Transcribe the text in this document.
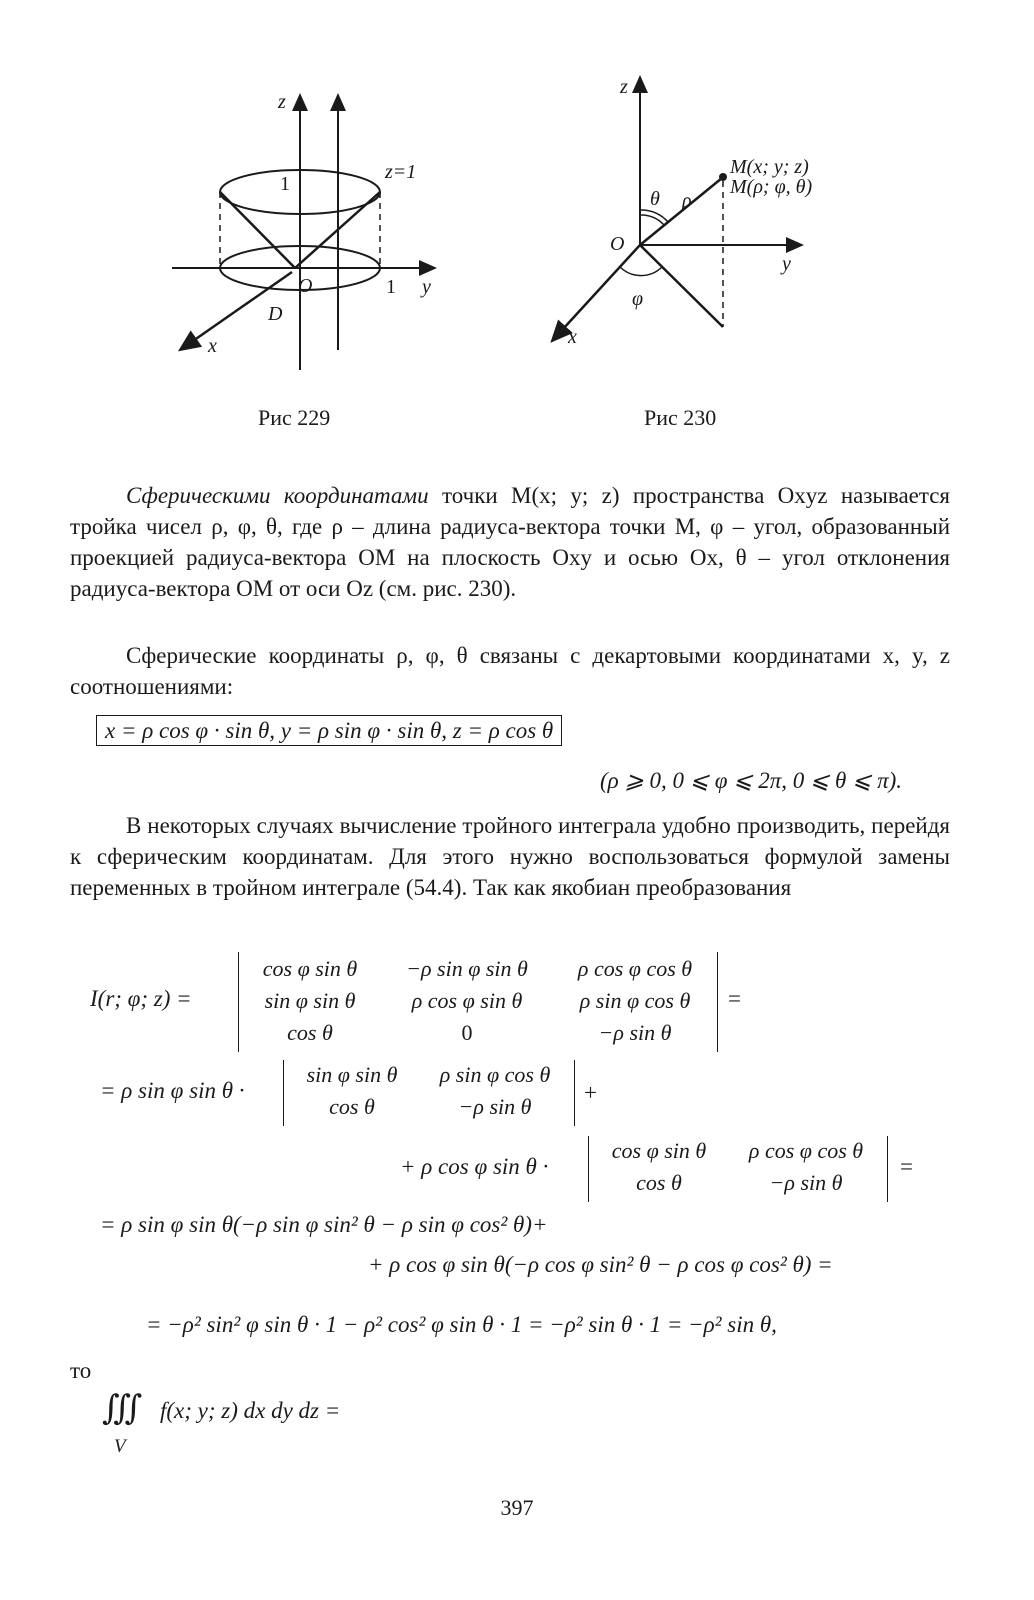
z
1
z=1
O	1 y
D
x
Рис 229
z
M(x; y; z)
M(ρ; φ, θ)
θ ρ
O
y
φ
x
Рис 230
Сферическими координатами точки M(x; y; z) пространства Oxyz называется тройка чисел ρ, φ, θ, где ρ – длина радиуса-вектора точки M, φ – угол, образованный проекцией радиуса-вектора OM на плоскость Oxy и осью Ox, θ – угол отклонения радиуса-вектора OM от оси Oz (см. рис. 230).
Сферические координаты ρ, φ, θ связаны с декартовыми координатами x, y, z соотношениями:
x = ρ cos φ · sin θ, y = ρ sin φ · sin θ, z = ρ cos θ
(ρ ⩾ 0, 0 ⩽ φ ⩽ 2π, 0 ⩽ θ ⩽ π).
В некоторых случаях вычисление тройного интеграла удобно производить, перейдя к сферическим координатам. Для этого нужно воспользоваться формулой замены переменных в тройном интеграле (54.4). Так как якобиан преобразования
I(r; φ; z) =
cos φ sin θ	−ρ sin φ sin θ	ρ cos φ cos θ
sin φ sin θ	ρ cos φ sin θ	ρ sin φ cos θ
cos θ	0	−ρ sin θ
=
= ρ sin φ sin θ ·
sin φ sin θ	ρ sin φ cos θ
cos θ	−ρ sin θ
+
+ ρ cos φ sin θ ·
cos φ sin θ	ρ cos φ cos θ
cos θ	−ρ sin θ
=
= ρ sin φ sin θ(−ρ sin φ sin² θ − ρ sin φ cos² θ)+
+ ρ cos φ sin θ(−ρ cos φ sin² θ − ρ cos φ cos² θ) =
= −ρ² sin² φ sin θ · 1 − ρ² cos² φ sin θ · 1 = −ρ² sin θ · 1 = −ρ² sin θ,
то
∭
V
f(x; y; z) dx dy dz =
397
